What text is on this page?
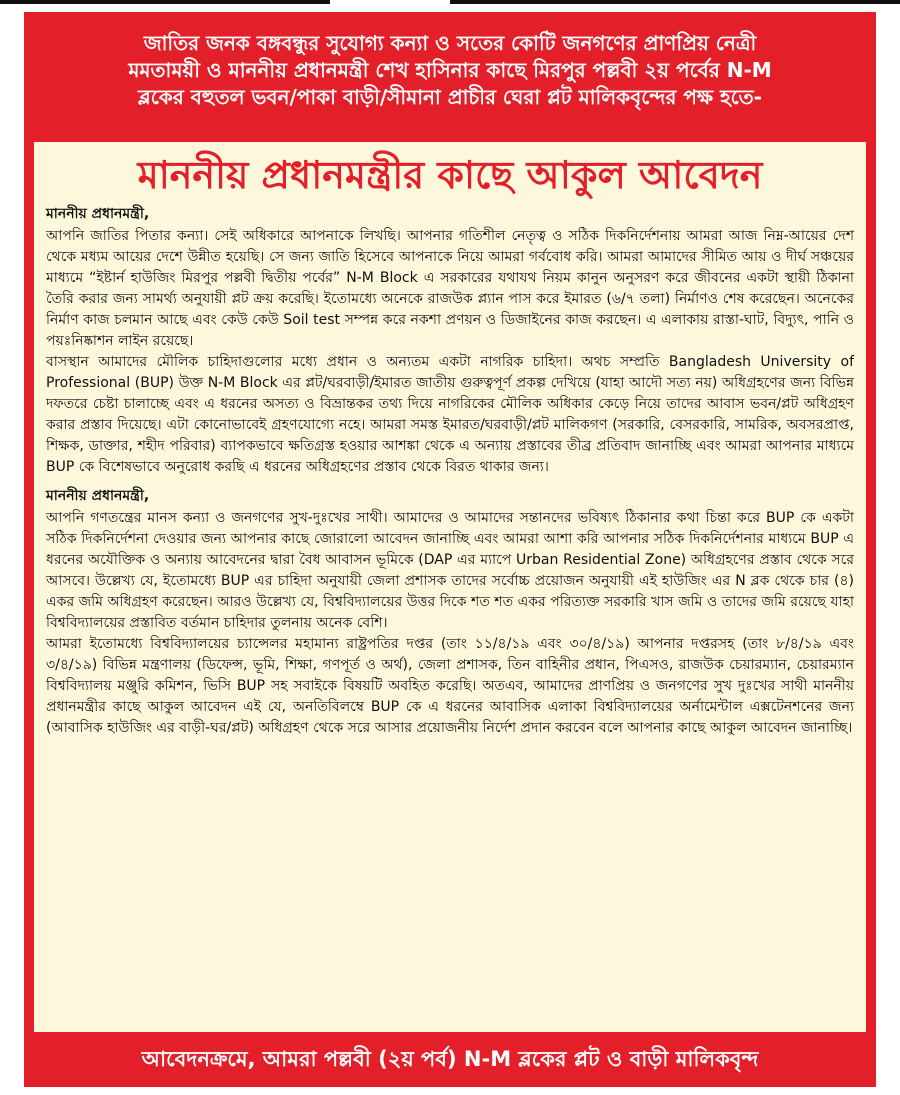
জাতির জনক বঙ্গবন্ধুর সুযোগ্য কন্যা ও সতের কোটি জনগণের প্রাণপ্রিয় নেত্রী

মমতাময়ী ও মাননীয় প্রধানমন্ত্রী শেখ হাসিনার কাছে মিরপুর পল্লবী ২য় পর্বের N-M

ব্লকের বহুতল ভবন/পাকা বাড়ী/সীমানা প্রাচীর ঘেরা প্লট মালিকবৃন্দের পক্ষ হতে-

মাননীয় প্রধানমন্ত্রীর কাছে আকুল আবেদন

মাননীয় প্রধানমন্ত্রী,

আপনি জাতির পিতার কন্যা। সেই অধিকারে আপনাকে লিখছি। আপনার গতিশীল নেতৃত্ব ও সঠিক দিকনির্দেশনায় আমরা আজ নিম্ন-আয়ের দেশ থেকে মধ্যম আয়ের দেশে উন্নীত হয়েছি। সে জন্য জাতি হিসেবে আপনাকে নিয়ে আমরা গর্ববোধ করি। আমরা আমাদের সীমিত আয় ও দীর্ঘ সঞ্চয়ের মাধ্যমে “ইষ্টার্ন হাউজিং মিরপুর পল্লবী দ্বিতীয় পর্বের” N-M Block এ সরকারের যথাযথ নিয়ম কানুন অনুসরণ করে জীবনের একটা স্থায়ী ঠিকানা তৈরি করার জন্য সামর্থ্য অনুযায়ী প্লট ক্রয় করেছি। ইতোমধ্যে অনেকে রাজউক প্ল্যান পাস করে ইমারত (৬/৭ তলা) নির্মাণও শেষ করেছেন। অনেকের নির্মাণ কাজ চলমান আছে এবং কেউ কেউ Soil test সম্পন্ন করে নকশা প্রণয়ন ও ডিজাইনের কাজ করছেন। এ এলাকায় রাস্তা-ঘাট, বিদ্যুৎ, পানি ও পয়ঃনিষ্কাশন লাইন রয়েছে।

বাসস্থান আমাদের মৌলিক চাহিদাগুলোর মধ্যে প্রধান ও অন্যতম একটা নাগরিক চাহিদা। অথচ সম্প্রতি Bangladesh University of Professional (BUP) উক্ত N-M Block এর প্লট/ঘরবাড়ী/ইমারত জাতীয় গুরুত্বপূর্ণ প্রকল্প দেখিয়ে (যাহা আদৌ সত্য নয়) অধিগ্রহণের জন্য বিভিন্ন দফতরে চেষ্টা চালাচ্ছে এবং এ ধরনের অসত্য ও বিভ্রান্তকর তথ্য দিয়ে নাগরিকের মৌলিক অধিকার কেড়ে নিয়ে তাদের আবাস ভবন/প্লট অধিগ্রহণ করার প্রস্তাব দিয়েছে। এটা কোনোভাবেই গ্রহণযোগ্যে নহে। আমরা সমস্ত ইমারত/ঘরবাড়ী/প্লট মালিকগণ (সরকারি, বেসরকারি, সামরিক, অবসরপ্রাপ্ত, শিক্ষক, ডাক্তার, শহীদ পরিবার) ব্যাপকভাবে ক্ষতিগ্রস্ত হওয়ার আশঙ্কা থেকে এ অন্যায় প্রস্তাবের তীব্র প্রতিবাদ জানাচ্ছি এবং আমরা আপনার মাধ্যমে BUP কে বিশেষভাবে অনুরোধ করছি এ ধরনের অধিগ্রহণের প্রস্তাব থেকে বিরত থাকার জন্য।

মাননীয় প্রধানমন্ত্রী,

আপনি গণতন্ত্রের মানস কন্যা ও জনগণের সুখ-দুঃখের সাথী। আমাদের ও আমাদের সন্তানদের ভবিষ্যৎ ঠিকানার কথা চিন্তা করে BUP কে একটা সঠিক দিকনির্দেশনা দেওয়ার জন্য আপনার কাছে জোরালো আবেদন জানাচ্ছি এবং আমরা আশা করি আপনার সঠিক দিকনির্দেশনার মাধ্যমে BUP এ ধরনের অযৌক্তিক ও অন্যায় আবেদনের দ্বারা বৈধ আবাসন ভূমিকে (DAP এর ম্যাপে Urban Residential Zone) অধিগ্রহণের প্রস্তাব থেকে সরে আসবে। উল্লেখ্য যে, ইতোমধ্যে BUP এর চাহিদা অনুযায়ী জেলা প্রশাসক তাদের সর্বোচ্চ প্রয়োজন অনুযায়ী এই হাউজিং এর N ব্লক থেকে চার (৪) একর জমি অধিগ্রহণ করেছেন। আরও উল্লেখ্য যে, বিশ্ববিদ্যালয়ের উত্তর দিকে শত শত একর পরিত্যক্ত সরকারি খাস জমি ও তাদের জমি রয়েছে যাহা বিশ্ববিদ্যালয়ের প্রস্তাবিত বর্তমান চাহিদার তুলনায় অনেক বেশি।

আমরা ইতোমধ্যে বিশ্ববিদ্যালয়ের চ্যান্সেলর মহামান্য রাষ্ট্রপতির দপ্তর (তাং ১১/৪/১৯ এবং ৩০/৪/১৯) আপনার দপ্তরসহ (তাং ৮/৪/১৯ এবং ৩/৪/১৯) বিভিন্ন মন্ত্রণালয় (ডিফেন্স, ভূমি, শিক্ষা, গণপূর্ত ও অর্থ), জেলা প্রশাসক, তিন বাহিনীর প্রধান, পিএসও, রাজউক চেয়ারম্যান, চেয়ারম্যান বিশ্ববিদ্যালয় মঞ্জুরি কমিশন, ভিসি BUP সহ সবাইকে বিষয়টি অবহিত করেছি। অতএব, আমাদের প্রাণপ্রিয় ও জনগণের সুখ দুঃখের সাথী মাননীয় প্রধানমন্ত্রীর কাছে আকুল আবেদন এই যে, অনতিবিলম্বে BUP কে এ ধরনের আবাসিক এলাকা বিশ্ববিদ্যালয়ের অর্নামেন্টাল এক্সটেনশনের জন্য (আবাসিক হাউজিং এর বাড়ী-ঘর/প্লট) অধিগ্রহণ থেকে সরে আসার প্রয়োজনীয় নির্দেশ প্রদান করবেন বলে আপনার কাছে আকুল আবেদন জানাচ্ছি।

আবেদনক্রমে, আমরা পল্লবী (২য় পর্ব) N-M ব্লকের প্লট ও বাড়ী মালিকবৃন্দ
